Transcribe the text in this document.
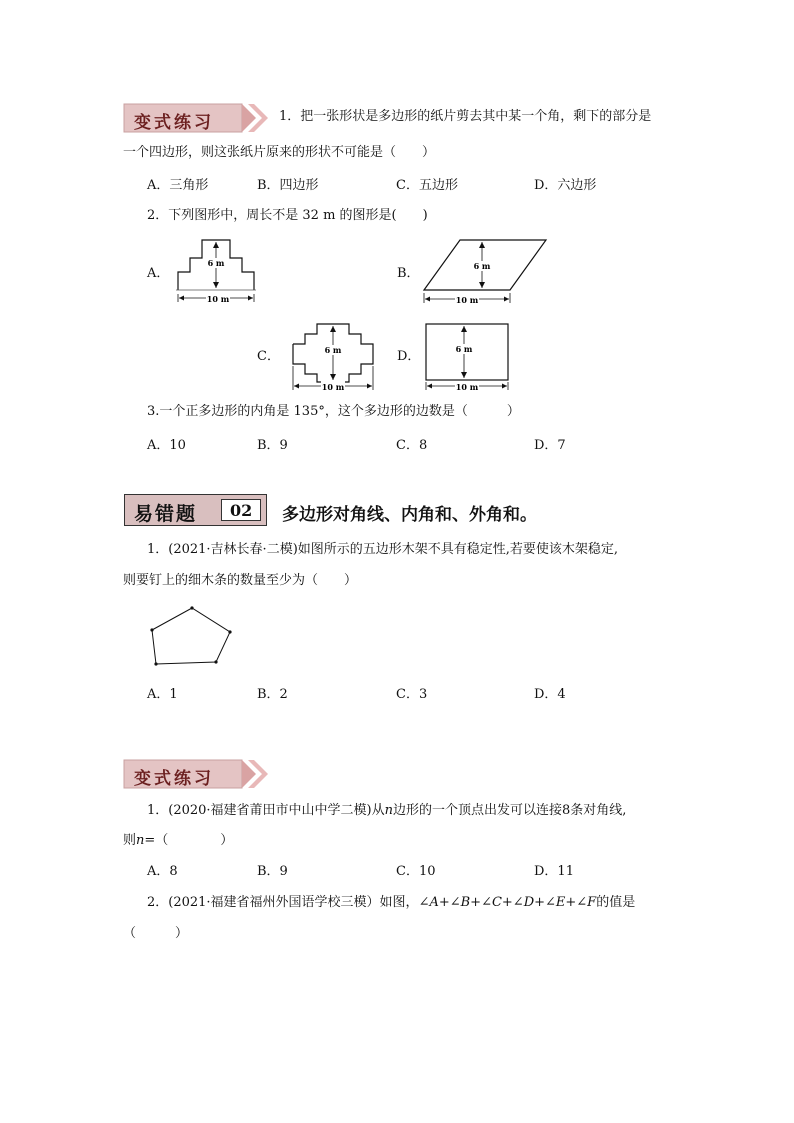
变式练习	1．把一张形状是多边形的纸片剪去其中某一个角，剩下的部分是
一个四边形，则这张纸片原来的形状不可能是（　　）
A．三角形	B．四边形	C．五边形	D．六边形
2．下列图形中，周长不是 32 m 的图形是(　　)
A．
10 m
6 m
B．	6 m
10 m
C．	6 m
10 m
D．	6 m
10 m
3.一个正多边形的内角是 135°，这个多边形的边数是（　　　）
A．10	B．9	C．8	D．7
易错题 02 多边形对角线、内角和、外角和。
1．(2021·吉林长春·二模)如图所示的五边形木架不具有稳定性,若要使该木架稳定,
则要钉上的细木条的数量至少为（　　）
A．1	B．2	C．3	D．4
变式练习
1．(2020·福建省莆田市中山中学二模)从n边形的一个顶点出发可以连接8条对角线,
则n=（　　　　）
A．8	B．9	C．10	D．11
2．(2021·福建省福州外国语学校三模）如图，∠A+∠B+∠C+∠D+∠E+∠F的值是
（　　　）
